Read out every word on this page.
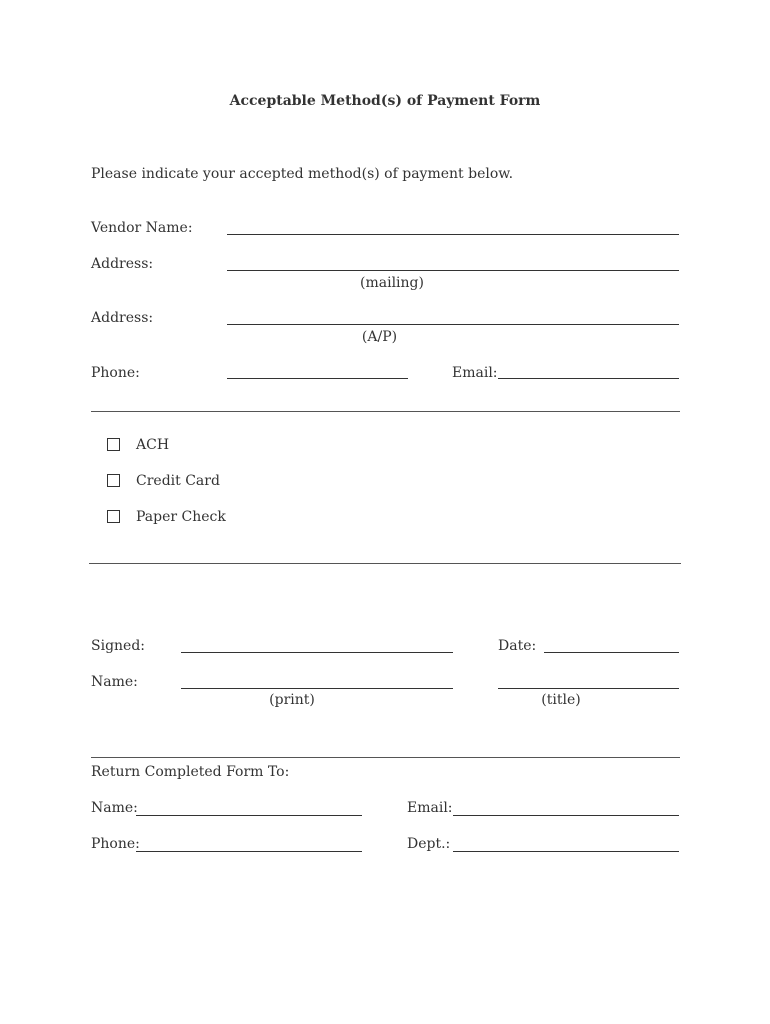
Acceptable Method(s) of Payment Form
Please indicate your accepted method(s) of payment below.
Vendor Name:
Address:
(mailing)
Address:
(A/P)
Phone:	Email:
ACH
Credit Card
Paper Check
Signed:	Date:
Name:
(print)	(title)
Return Completed Form To:
Name:	Email:
Phone:	Dept.:
